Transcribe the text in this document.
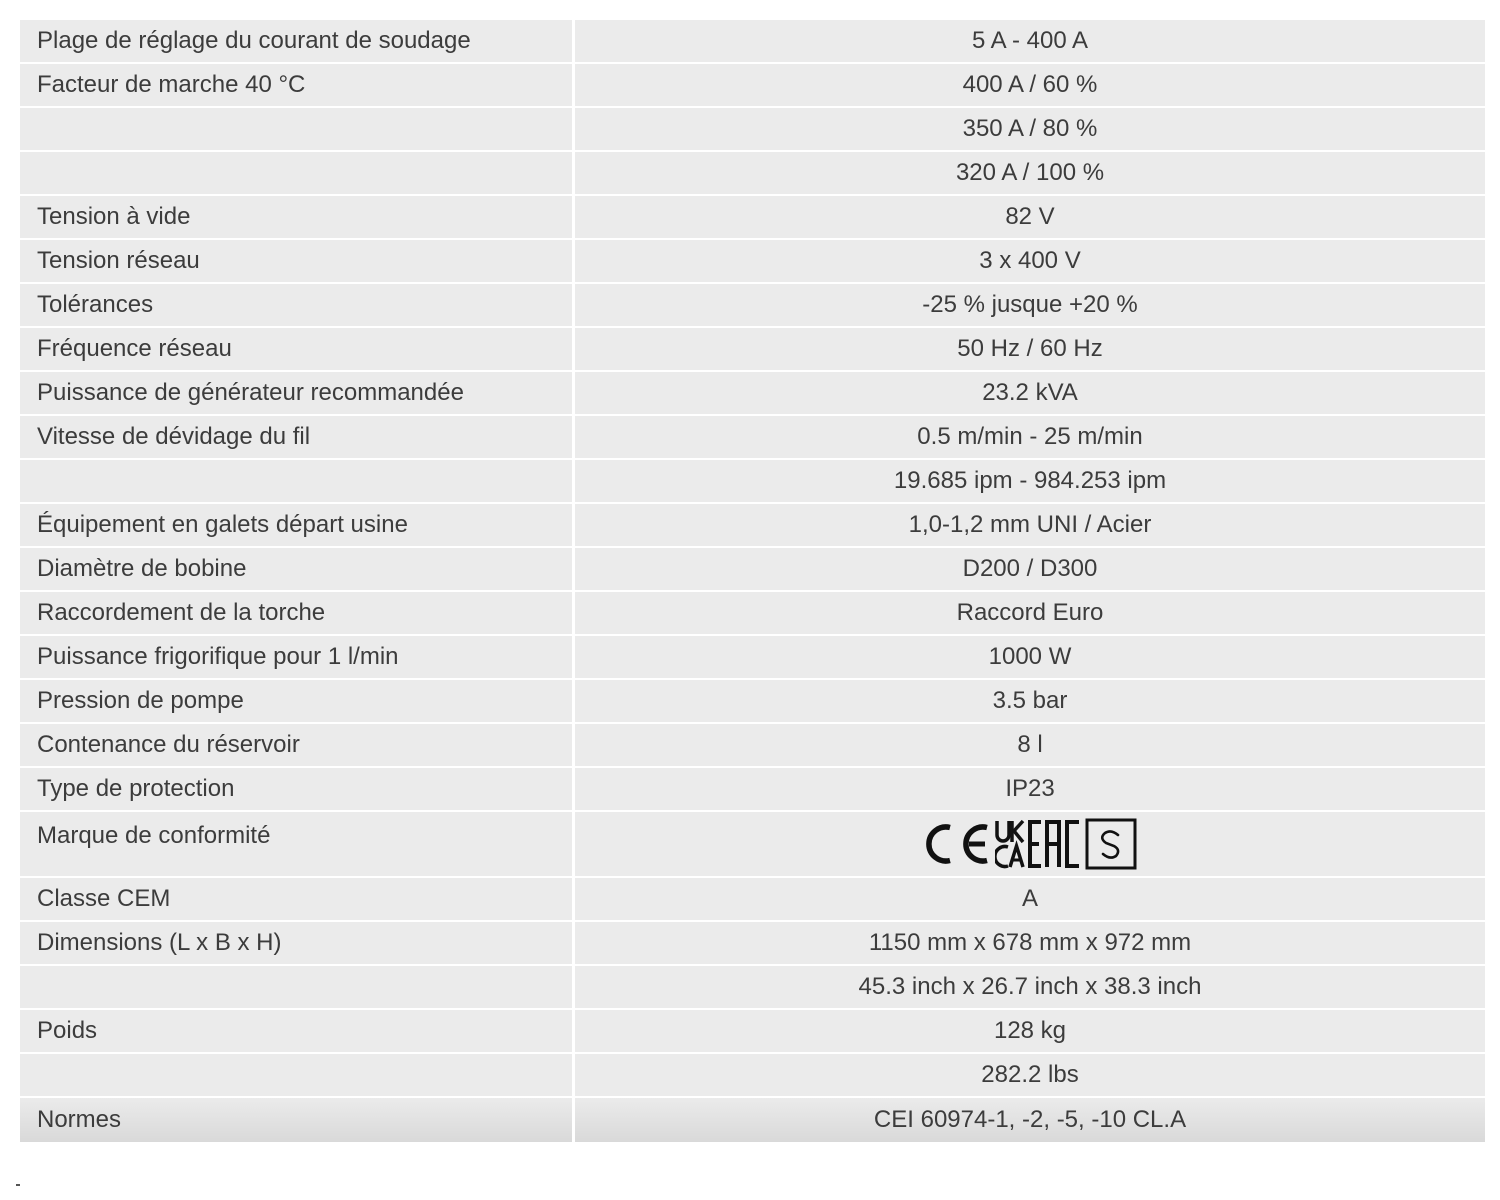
Plage de réglage du courant de soudage	5 A - 400 A
Facteur de marche 40 °C	400 A / 60 %
	350 A / 80 %
	320 A / 100 %
Tension à vide	82 V
Tension réseau	3 x 400 V
Tolérances	-25 % jusque +20 %
Fréquence réseau	50 Hz / 60 Hz
Puissance de générateur recommandée	23.2 kVA
Vitesse de dévidage du fil	0.5 m/min - 25 m/min
	19.685 ipm - 984.253 ipm
Équipement en galets départ usine	1,0-1,2 mm UNI / Acier
Diamètre de bobine	D200 / D300
Raccordement de la torche	Raccord Euro
Puissance frigorifique pour 1 l/min	1000 W
Pression de pompe	3.5 bar
Contenance du réservoir	8 l
Type de protection	IP23
Marque de conformité	

Classe CEM	A
Dimensions (L x B x H)	1150 mm x 678 mm x 972 mm
	45.3 inch x 26.7 inch x 38.3 inch
Poids	128 kg
	282.2 lbs
Normes	CEI 60974-1, -2, -5, -10 CL.A
